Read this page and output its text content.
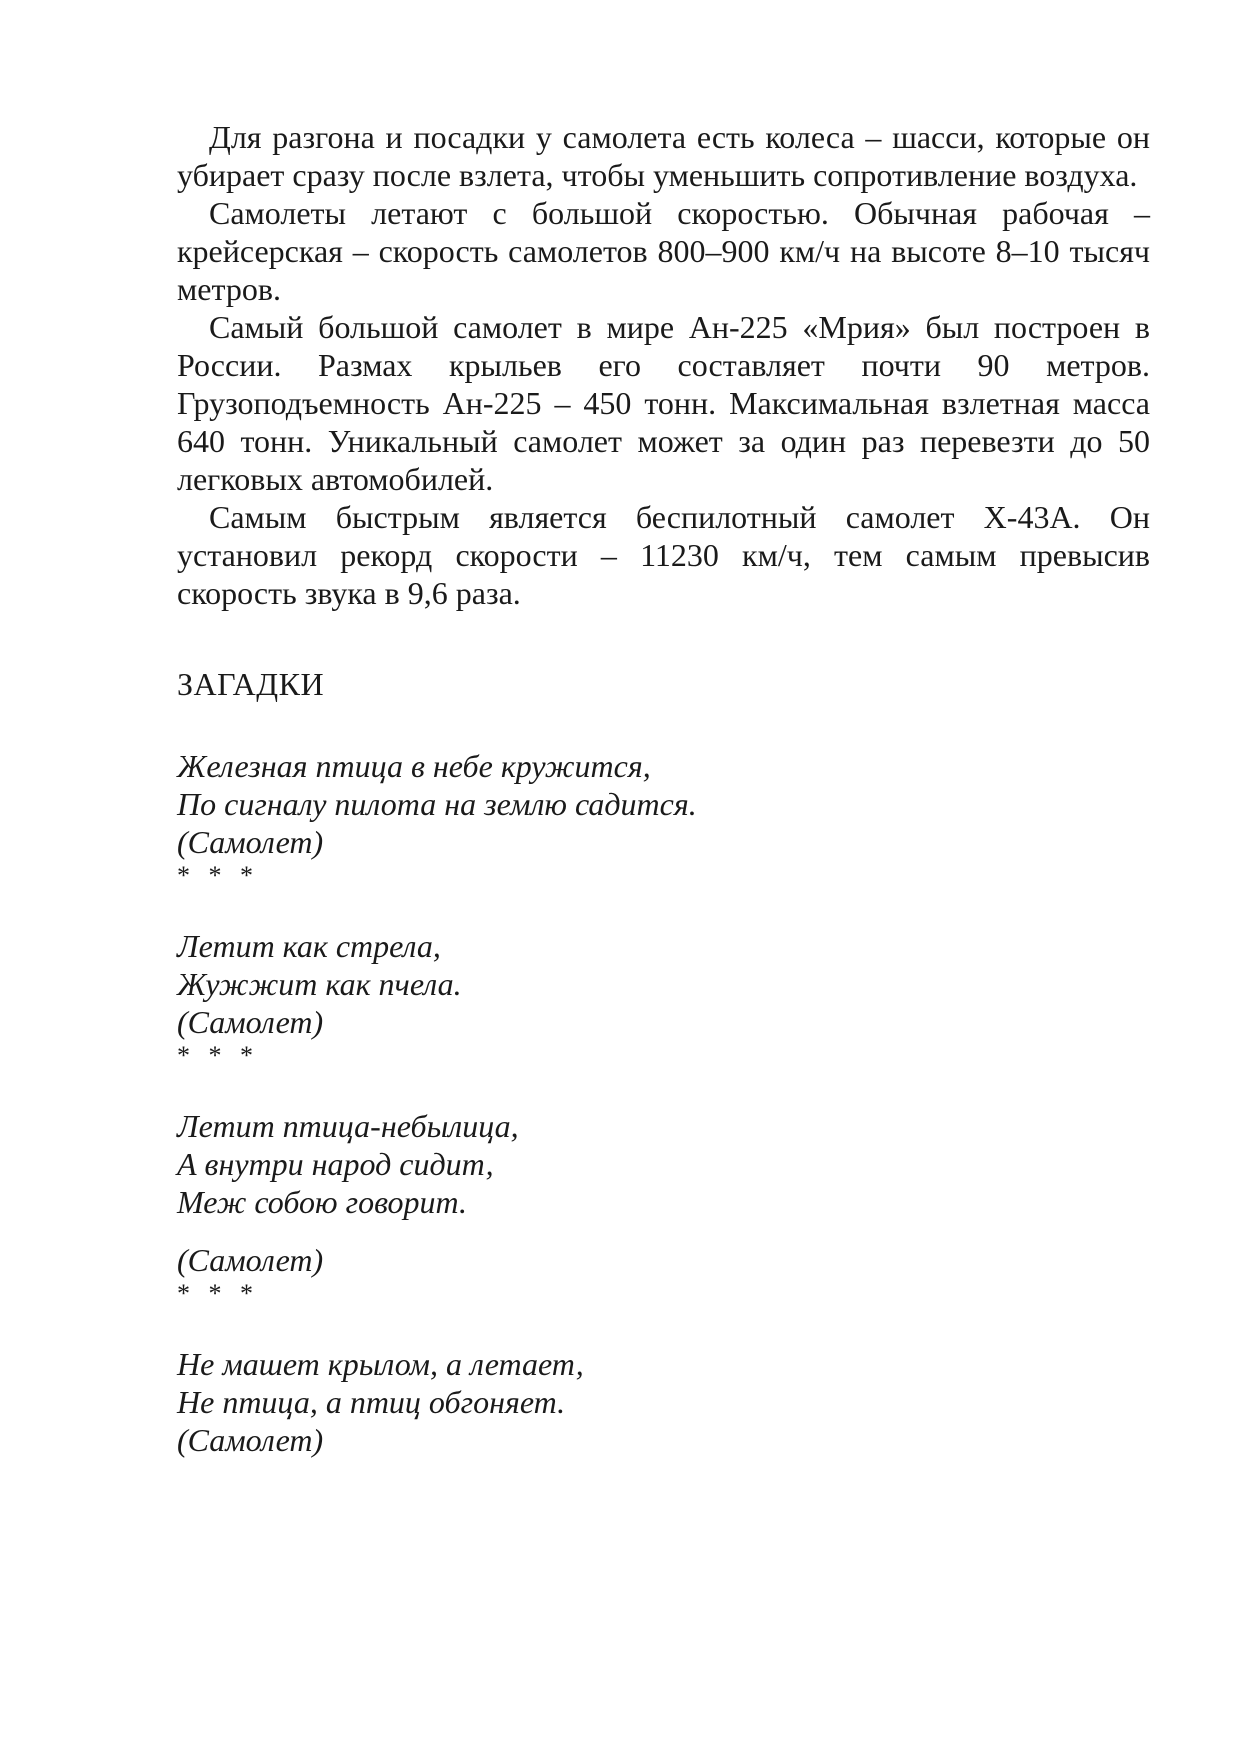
Для разгона и посадки у самолета есть колеса – шасси, которые он убирает сразу после взлета, чтобы уменьшить сопротивление воздуха.

Самолеты летают с большой скоростью. Обычная рабочая – крейсерская – скорость самолетов 800–900 км/ч на высоте 8–10 тысяч метров.

Самый большой самолет в мире Ан-225 «Мрия» был построен в России. Размах крыльев его составляет почти 90 метров. Грузоподъемность Ан-225 – 450 тонн. Максимальная взлетная масса 640 тонн. Уникальный самолет может за один раз перевезти до 50 легковых автомобилей.

Самым быстрым является беспилотный самолет Х-43А. Он установил рекорд скорости – 11230 км/ч, тем самым превысив скорость звука в 9,6 раза.

ЗАГАДКИ
Железная птица в небе кружится,
По сигналу пилота на землю садится.
(Самолет)
* * *
Летит как стрела,
Жужжит как пчела.
(Самолет)
* * *
Летит птица-небылица,
А внутри народ сидит,
Меж собою говорит.
(Самолет)
* * *
Не машет крылом, а летает,
Не птица, а птиц обгоняет.
(Самолет)
